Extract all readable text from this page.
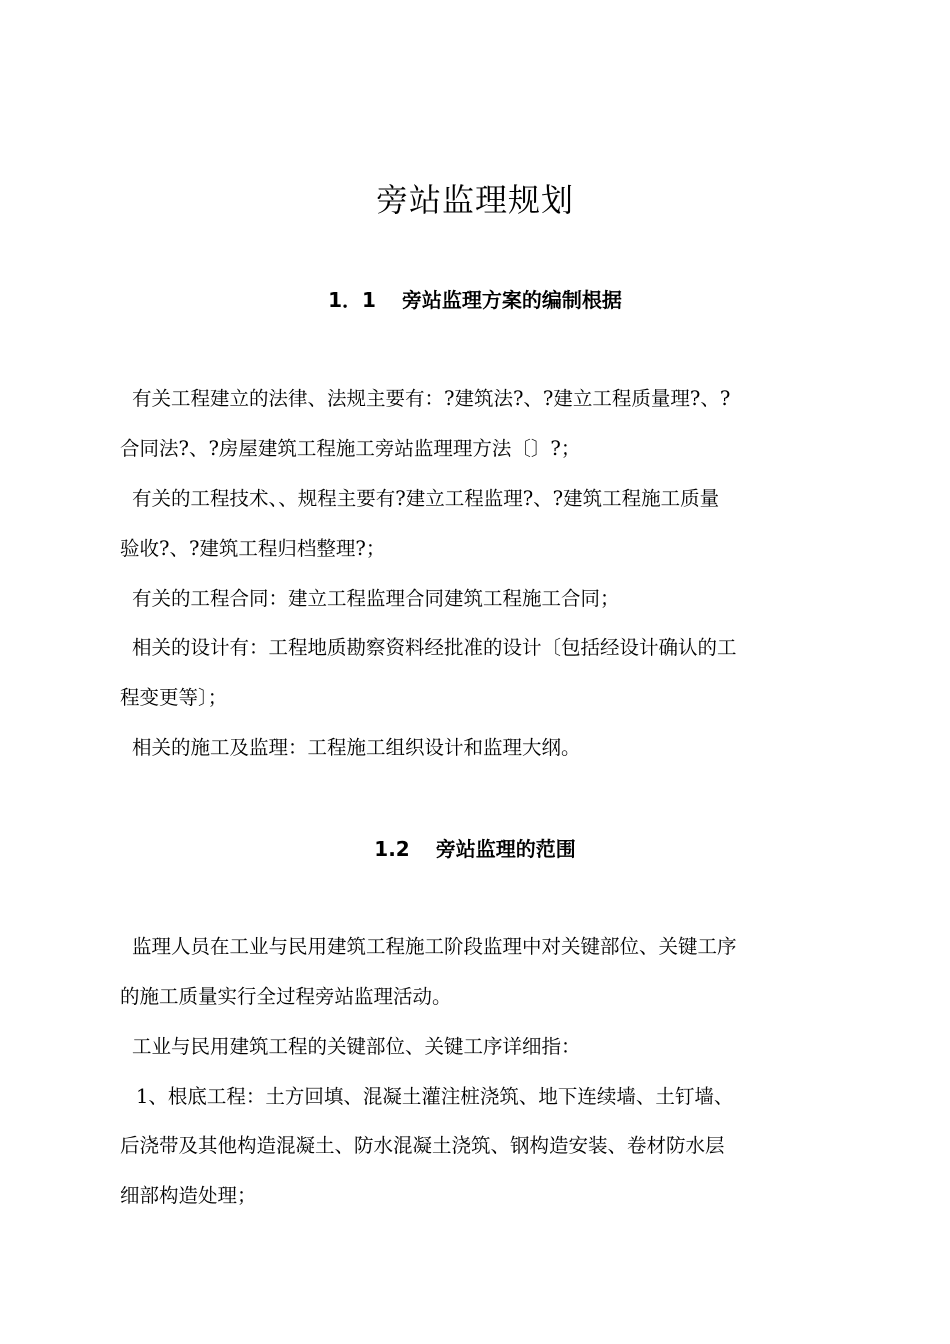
旁站监理规划
1．1 旁站监理方案的编制根据
有关工程建立的法律、法规主要有：?建筑法?、?建立工程质量理?、?
合同法?、?房屋建筑工程施工旁站监理理方法〔〕?；
有关的工程技术、、规程主要有?建立工程监理?、?建筑工程施工质量
验收?、?建筑工程归档整理?；
有关的工程合同：建立工程监理合同建筑工程施工合同；
相关的设计有：工程地质勘察资料经批准的设计〔包括经设计确认的工
程变更等〕；
相关的施工及监理：工程施工组织设计和监理大纲。
1.2 旁站监理的范围
监理人员在工业与民用建筑工程施工阶段监理中对关键部位、关键工序
的施工质量实行全过程旁站监理活动。
工业与民用建筑工程的关键部位、关键工序详细指：
1、根底工程：土方回填、混凝土灌注桩浇筑、地下连续墙、土钉墙、
后浇带及其他构造混凝土、防水混凝土浇筑、钢构造安装、卷材防水层
细部构造处理；
